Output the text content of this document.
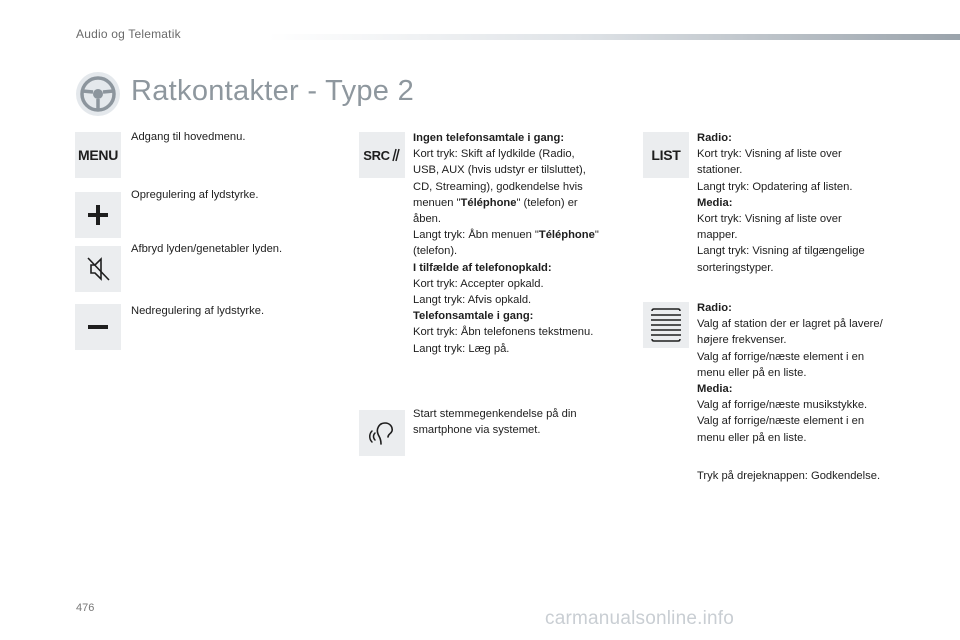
Audio og Telematik
Ratkontakter - Type 2
MENU
Adgang til hovedmenu.
Opregulering af lydstyrke.
Afbryd lyden/genetabler lyden.
Nedregulering af lydstyrke.
SRC
Ingen telefonsamtale i gang:
Kort tryk: Skift af lydkilde (Radio,
USB, AUX (hvis udstyr er tilsluttet),
CD, Streaming), godkendelse hvis
menuen "Téléphone" (telefon) er
åben.
Langt tryk: Åbn menuen "Téléphone"
(telefon).
I tilfælde af telefonopkald:
Kort tryk: Accepter opkald.
Langt tryk: Afvis opkald.
Telefonsamtale i gang:
Kort tryk: Åbn telefonens tekstmenu.
Langt tryk: Læg på.
Start stemmegenkendelse på din
smartphone via systemet.
LIST
Radio:
Kort tryk: Visning af liste over
stationer.
Langt tryk: Opdatering af listen.
Media:
Kort tryk: Visning af liste over
mapper.
Langt tryk: Visning af tilgængelige
sorteringstyper.
Radio:
Valg af station der er lagret på lavere/
højere frekvenser.
Valg af forrige/næste element i en
menu eller på en liste.
Media:
Valg af forrige/næste musikstykke.
Valg af forrige/næste element i en
menu eller på en liste.
Tryk på drejeknappen: Godkendelse.
476	carmanualsonline.info
